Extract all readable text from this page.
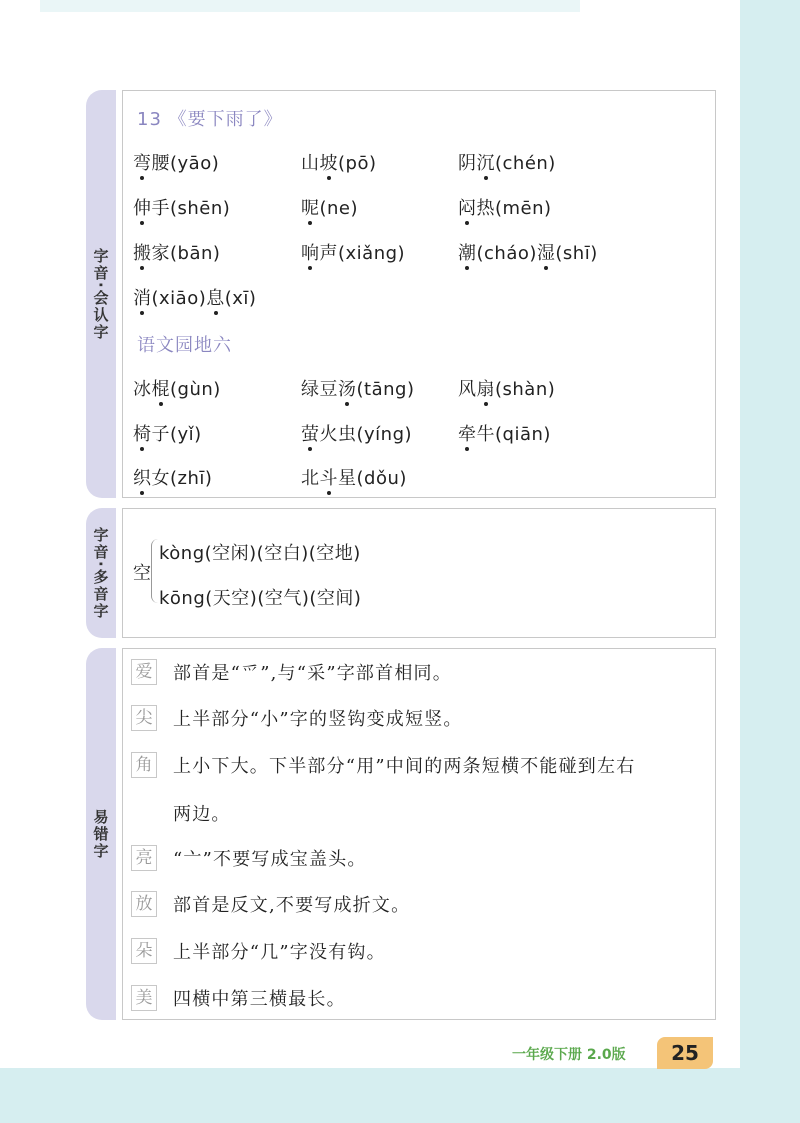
字音·会认字
13 《要下雨了》
弯腰(yāo)	山坡(pō)	阴沉(chén)
伸手(shēn)	呢(ne)	闷热(mēn)
搬家(bān)	响声(xiǎng)	潮(cháo)湿(shī)
消(xiāo)息(xī)
语文园地六
冰棍(gùn)	绿豆汤(tāng) 风扇(shàn)
椅子(yǐ)	萤火虫(yíng)	牵牛(qiān)
织女(zhī)	北斗星(dǒu)
字音·多音字 空
kòng(空闲)(空白)(空地)
kōng(天空)(空气)(空间)
易错字
爱 部首是“爫”,与“采”字部首相同。
尖 上半部分“小”字的竖钩变成短竖。
角 上小下大。下半部分“用”中间的两条短横不能碰到左右
两边。
亮 “亠”不要写成宝盖头。
放 部首是反文,不要写成折文。
朵 上半部分“几”字没有钩。
美 四横中第三横最长。
一年级下册 2.0版	25
